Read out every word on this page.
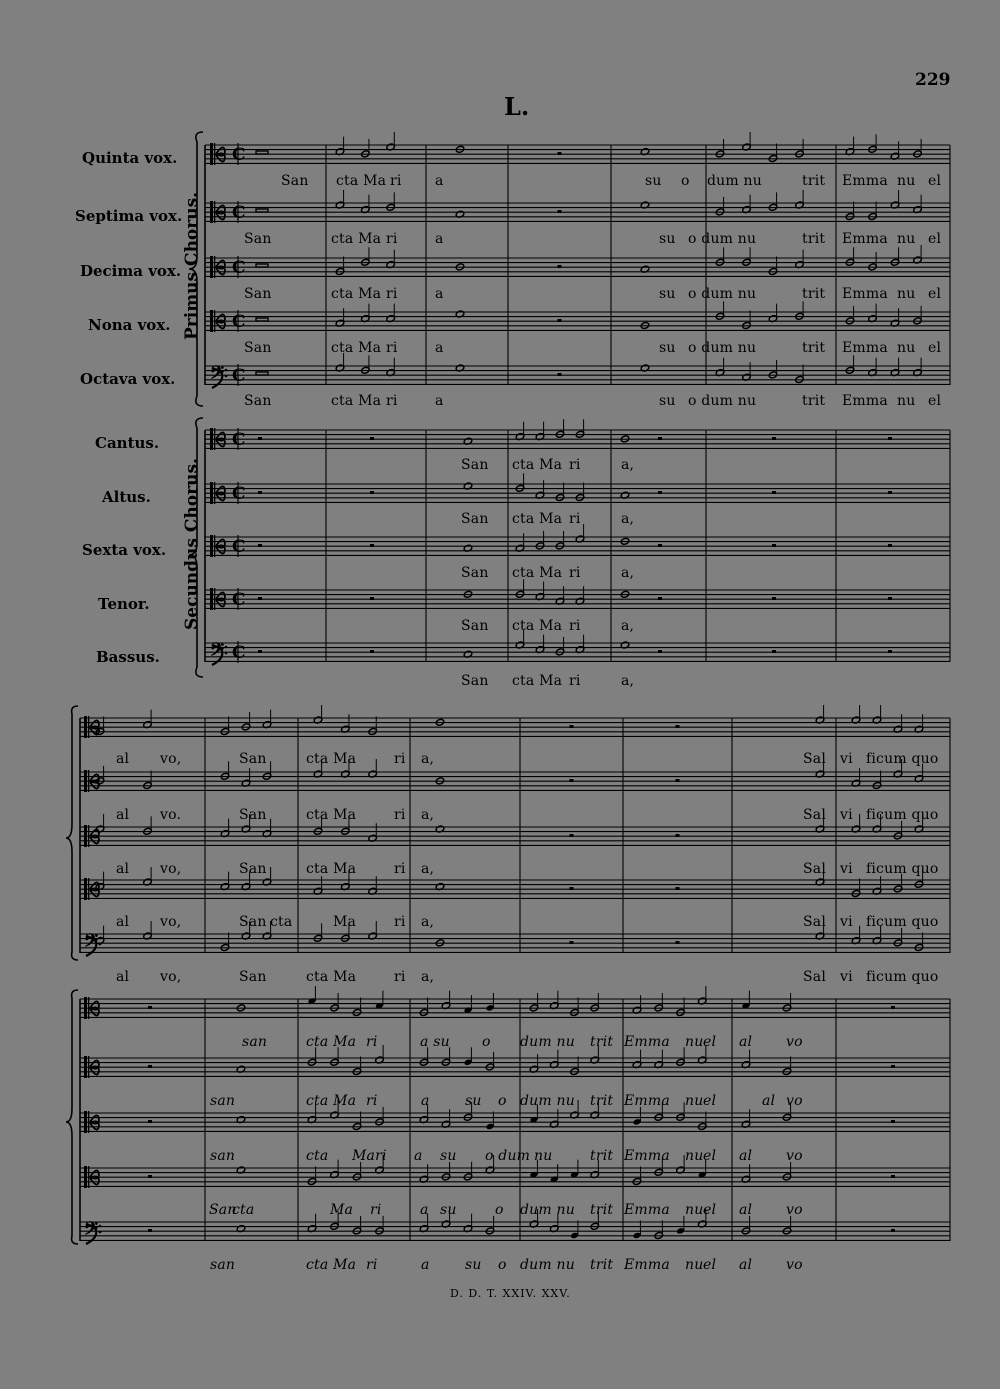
229
L.
Quinta vox.
Septima vox.
Decima vox.
Nona vox.
Octava vox.
Cantus.
Altus.
Sexta vox.
Tenor.
Bassus.
Primus Chorus.
Secundus Chorus.
C
C
C
C
𝄢 C
C
C
C
C
𝄢 C
𝄢
𝄢
San cta Ma ri a	su o dum nu	trit Emma nu el
San	cta Ma ri	a	su o dum nu	trit Emma nu el
San	cta Ma ri	a	su o dum nu	trit Emma nu el
San	cta Ma ri	a	su o dum nu	trit Emma nu el
San	cta Ma ri	a	su o dum nu	trit Emma nu el
San cta Ma ri	a,
San cta Ma ri	a,
San cta Ma ri	a,
San cta Ma ri	a,
San cta Ma ri	a,
al vo,	San	cta Ma	ri a,	Sal vi ficum quo
al vo.	San	cta Ma	ri a,	Sal vi ficum quo
al vo,	San	cta Ma	ri a,	Sal vi ficum quo
al vo,	San cta	Ma	ri a,	Sal vi ficum quo
al vo,	San	cta Ma	ri a,	Sal vi ficum quo
san	cta Ma ri	a su o dum nu trit Emma nu el al vo
san	cta Ma ri	a	su o dum nu trit Emma nu el	al vo
san	cta Mari a su o dum nu	trit Emma nu el al vo
San
cta	Ma ri	a su	o dum nu trit Emma nu el al vo
san	cta Ma ri	a	su o dum nu trit Emma nu el al vo
D. D. T. XXIV. XXV.
